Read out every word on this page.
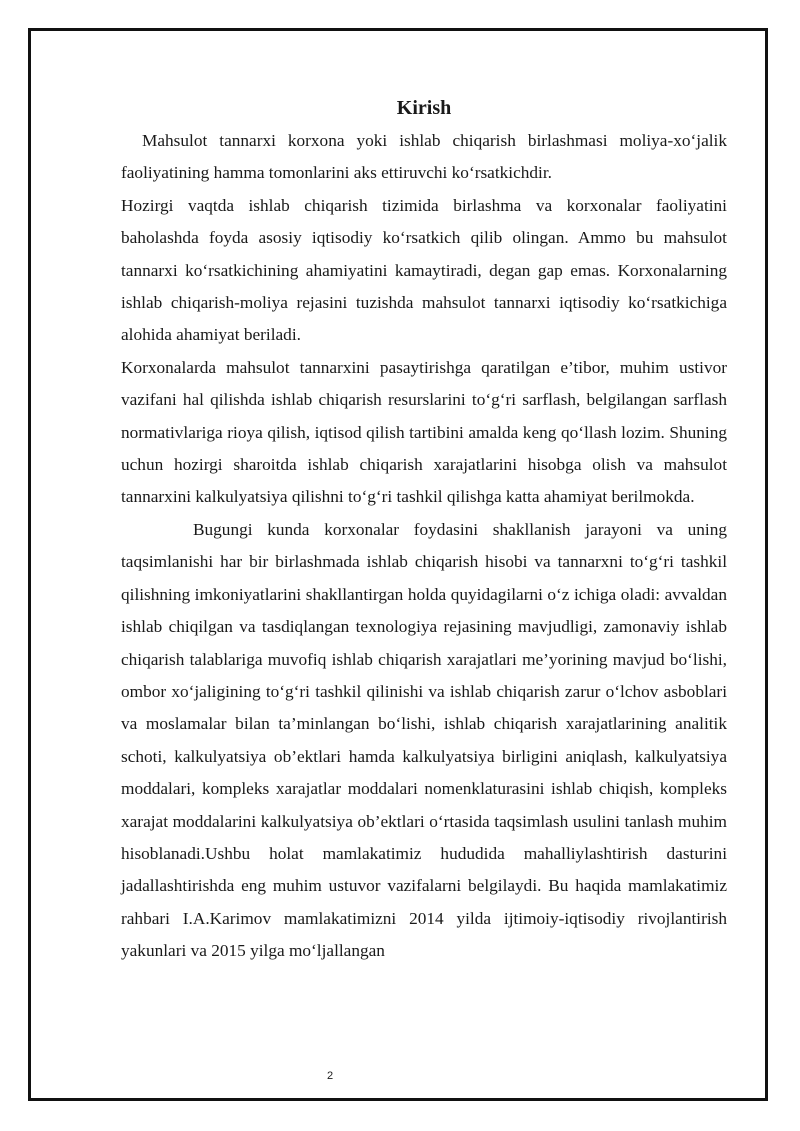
Kirish

Mahsulot tannarxi korxona yoki ishlab chiqarish birlashmasi moliya-xo‘jalik faoliyatining hamma tomonlarini aks ettiruvchi ko‘rsatkichdir.

Hozirgi vaqtda ishlab chiqarish tizimida birlashma va korxonalar faoliyatini baholashda foyda asosiy iqtisodiy ko‘rsatkich qilib olingan. Ammo bu mahsulot tannarxi ko‘rsatkichining ahamiyatini kamaytiradi, degan gap emas. Korxonalarning ishlab chiqarish-moliya rejasini tuzishda mahsulot tannarxi iqtisodiy ko‘rsatkichiga alohida ahamiyat beriladi.

Korxonalarda mahsulot tannarxini pasaytirishga qaratilgan e’tibor, muhim ustivor vazifani hal qilishda ishlab chiqarish resurslarini to‘g‘ri sarflash, belgilangan sarflash normativlariga rioya qilish, iqtisod qilish tartibini amalda keng qo‘llash lozim. Shuning uchun hozirgi sharoitda ishlab chiqarish xarajatlarini hisobga olish va mahsulot tannarxini kalkulyatsiya qilishni to‘g‘ri tashkil qilishga katta ahamiyat berilmokda.

Bugungi kunda korxonalar foydasini shakllanish jarayoni va uning taqsimlanishi har bir birlashmada ishlab chiqarish hisobi va tannarxni to‘g‘ri tashkil qilishning imkoniyatlarini shakllantirgan holda quyidagilarni o‘z ichiga oladi: avvaldan ishlab chiqilgan va tasdiqlangan texnologiya rejasining mavjudligi, zamonaviy ishlab chiqarish talablariga muvofiq ishlab chiqarish xarajatlari me’yorining mavjud bo‘lishi, ombor xo‘jaligining to‘g‘ri tashkil qilinishi va ishlab chiqarish zarur o‘lchov asboblari va moslamalar bilan ta’minlangan bo‘lishi, ishlab chiqarish xarajatlarining analitik schoti, kalkulyatsiya ob’ektlari hamda kalkulyatsiya birligini aniqlash, kalkulyatsiya moddalari, kompleks xarajatlar moddalari nomenklaturasini ishlab chiqish, kompleks xarajat moddalarini kalkulyatsiya ob’ektlari o‘rtasida taqsimlash usulini tanlash muhim hisoblanadi.Ushbu holat mamlakatimiz hududida mahalliylashtirish dasturini jadallashtirishda eng muhim ustuvor vazifalarni belgilaydi. Bu haqida mamlakatimiz rahbari I.A.Karimov mamlakatimizni 2014 yilda ijtimoiy-iqtisodiy rivojlantirish yakunlari va 2015 yilga mo‘ljallangan

2
